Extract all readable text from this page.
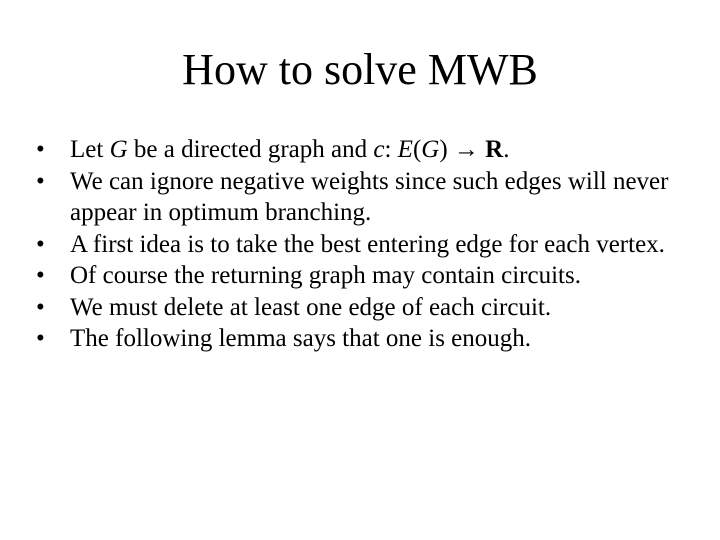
How to solve MWB
•	Let G be a directed graph and c: E(G) → R.
•	We can ignore negative weights since such edges will never appear in optimum branching.
•	A first idea is to take the best entering edge for each vertex.
•	Of course the returning graph may contain circuits.
•	We must delete at least one edge of each circuit.
•	The following lemma says that one is enough.
